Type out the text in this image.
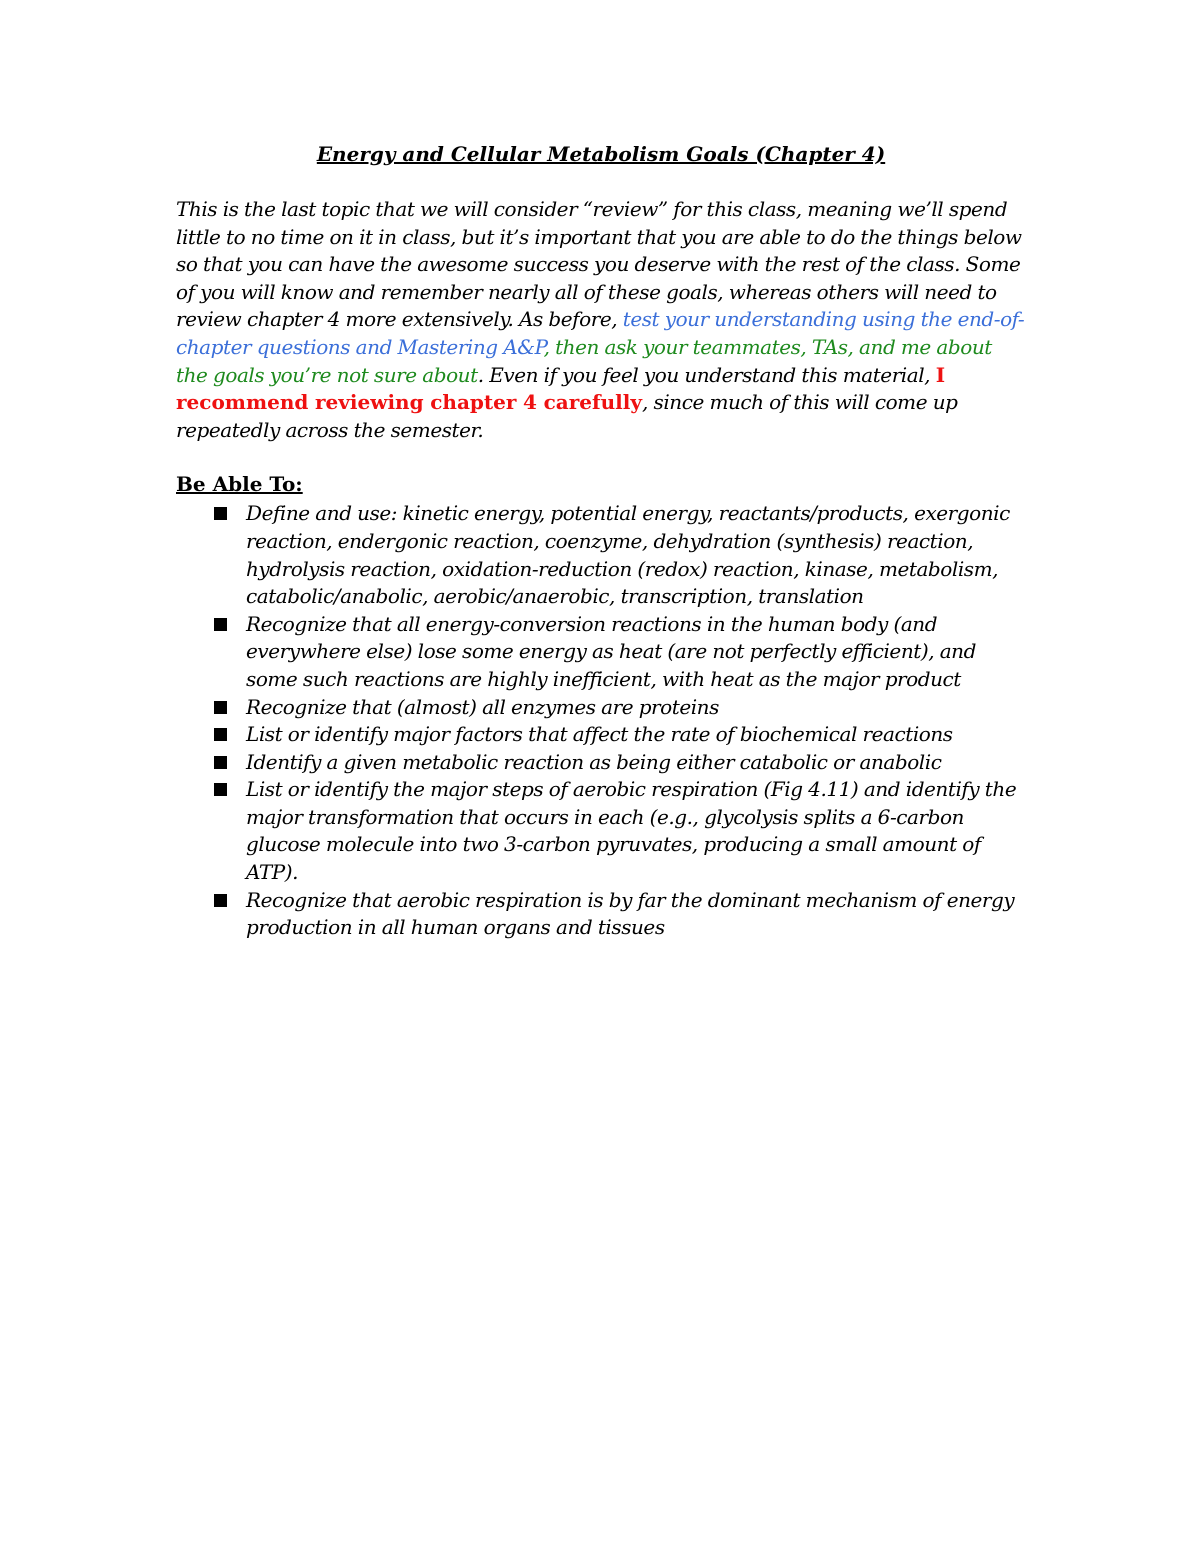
Energy and Cellular Metabolism Goals (Chapter 4)

This is the last topic that we will consider “review” for this class, meaning we’ll spend little to no time on it in class, but it’s important that you are able to do the things below so that you can have the awesome success you deserve with the rest of the class. Some of you will know and remember nearly all of these goals, whereas others will need to review chapter 4 more extensively. As before, test your understanding using the end-of-chapter questions and Mastering A&P, then ask your teammates, TAs, and me about the goals you’re not sure about. Even if you feel you understand this material, I recommend reviewing chapter 4 carefully, since much of this will come up repeatedly across the semester.

Be Able To:
Define and use: kinetic energy, potential energy, reactants/products, exergonic reaction, endergonic reaction, coenzyme, dehydration (synthesis) reaction, hydrolysis reaction, oxidation-reduction (redox) reaction, kinase, metabolism, catabolic/anabolic, aerobic/anaerobic, transcription, translation
Recognize that all energy-conversion reactions in the human body (and everywhere else) lose some energy as heat (are not perfectly efficient), and some such reactions are highly inefficient, with heat as the major product
Recognize that (almost) all enzymes are proteins
List or identify major factors that affect the rate of biochemical reactions
Identify a given metabolic reaction as being either catabolic or anabolic
List or identify the major steps of aerobic respiration (Fig 4.11) and identify the major transformation that occurs in each (e.g., glycolysis splits a 6-carbon glucose molecule into two 3-carbon pyruvates, producing a small amount of ATP).
Recognize that aerobic respiration is by far the dominant mechanism of energy production in all human organs and tissues
